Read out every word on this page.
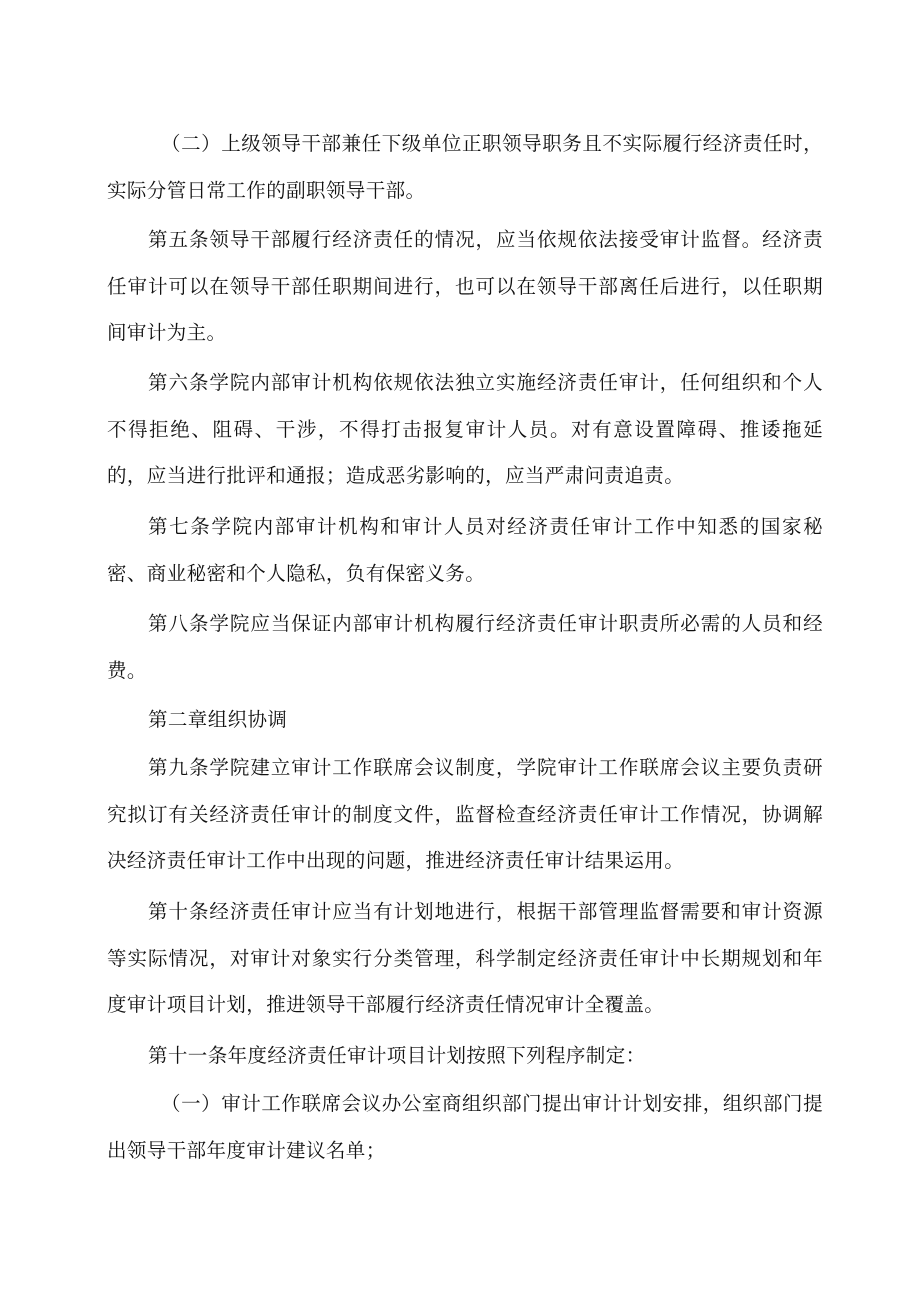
（二）上级领导干部兼任下级单位正职领导职务且不实际履行经济责任时，实际分管日常工作的副职领导干部。

第五条领导干部履行经济责任的情况，应当依规依法接受审计监督。经济责任审计可以在领导干部任职期间进行，也可以在领导干部离任后进行，以任职期间审计为主。

第六条学院内部审计机构依规依法独立实施经济责任审计，任何组织和个人不得拒绝、阻碍、干涉，不得打击报复审计人员。对有意设置障碍、推诿拖延的，应当进行批评和通报；造成恶劣影响的，应当严肃问责追责。

第七条学院内部审计机构和审计人员对经济责任审计工作中知悉的国家秘密、商业秘密和个人隐私，负有保密义务。

第八条学院应当保证内部审计机构履行经济责任审计职责所必需的人员和经费。

第二章组织协调

第九条学院建立审计工作联席会议制度，学院审计工作联席会议主要负责研究拟订有关经济责任审计的制度文件，监督检查经济责任审计工作情况，协调解决经济责任审计工作中出现的问题，推进经济责任审计结果运用。

第十条经济责任审计应当有计划地进行，根据干部管理监督需要和审计资源等实际情况，对审计对象实行分类管理，科学制定经济责任审计中长期规划和年度审计项目计划，推进领导干部履行经济责任情况审计全覆盖。

第十一条年度经济责任审计项目计划按照下列程序制定：

（一）审计工作联席会议办公室商组织部门提出审计计划安排，组织部门提出领导干部年度审计建议名单；
